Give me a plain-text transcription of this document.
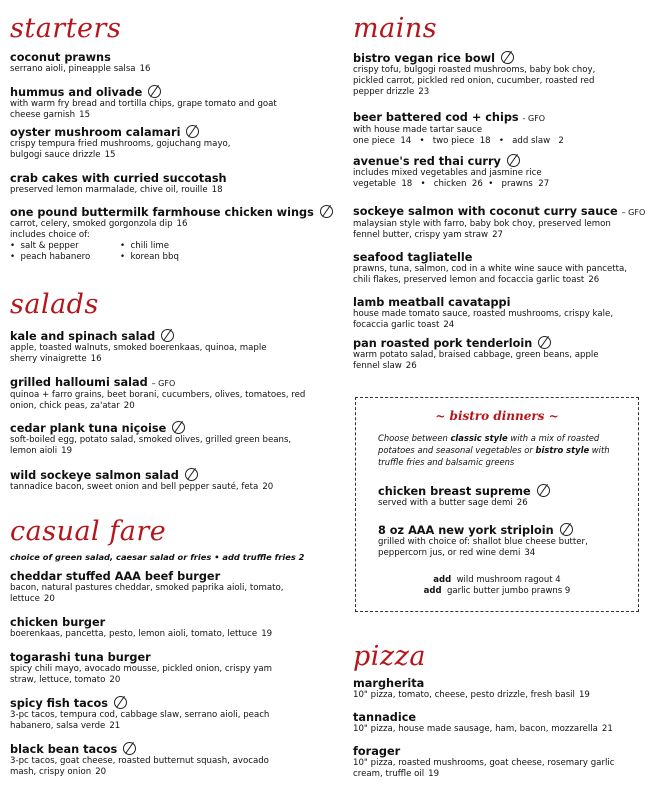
starters
coconut prawns
serrano aioli, pineapple salsa 16
hummus and olivade
with warm fry bread and tortilla chips, grape tomato and goat cheese garnish 15
oyster mushroom calamari
crispy tempura fried mushrooms, gojuchang mayo, bulgogi sauce drizzle 15
crab cakes with curried succotash
preserved lemon marmalade, chive oil, rouille 18
one pound buttermilk farmhouse chicken wings
carrot, celery, smoked gorgonzola dip 16
includes choice of:
•  salt & pepper	•  chili lime
•  peach habanero	•  korean bbq
salads
kale and spinach salad
apple, toasted walnuts, smoked boerenkaas, quinoa, maple sherry vinaigrette 16
grilled halloumi salad – GFO
quinoa + farro grains, beet borani, cucumbers, olives, tomatoes, red onion, chick peas, za'atar 20
cedar plank tuna niçoise
soft-boiled egg, potato salad, smoked olives, grilled green beans, lemon aioli 19
wild sockeye salmon salad
tannadice bacon, sweet onion and bell pepper sauté, feta 20
casual fare
choice of green salad, caesar salad or fries • add truffle fries 2
cheddar stuffed AAA beef burger
bacon, natural pastures cheddar, smoked paprika aioli, tomato, lettuce 20
chicken burger
boerenkaas, pancetta, pesto, lemon aioli, tomato, lettuce 19
togarashi tuna burger
spicy chili mayo, avocado mousse, pickled onion, crispy yam straw, lettuce, tomato 20
spicy fish tacos
3-pc tacos, tempura cod, cabbage slaw, serrano aioli, peach habanero, salsa verde 21
black bean tacos
3-pc tacos, goat cheese, roasted butternut squash, avocado mash, crispy onion 20
mains
bistro vegan rice bowl
crispy tofu, bulgogi roasted mushrooms, baby bok choy, pickled carrot, pickled red onion, cucumber, roasted red pepper drizzle 23
beer battered cod + chips - GFO
with house made tartar sauce
one piece  14   •   two piece  18   •   add slaw   2
avenue's red thai curry
includes mixed vegetables and jasmine rice
vegetable  18   •   chicken  26  •   prawns  27
sockeye salmon with coconut curry sauce – GFO
malaysian style with farro, baby bok choy, preserved lemon fennel butter, crispy yam straw 27
seafood tagliatelle
prawns, tuna, salmon, cod in a white wine sauce with pancetta, chili flakes, preserved lemon and focaccia garlic toast 26
lamb meatball cavatappi
house made tomato sauce, roasted mushrooms, crispy kale, focaccia garlic toast 24
pan roasted pork tenderloin
warm potato salad, braised cabbage, green beans, apple fennel slaw 26
pizza
margherita
10" pizza, tomato, cheese, pesto drizzle, fresh basil 19
tannadice
10" pizza, house made sausage, ham, bacon, mozzarella 21
forager
10" pizza, roasted mushrooms, goat cheese, rosemary garlic cream, truffle oil 19
~ bistro dinners ~
Choose between classic style with a mix of roasted potatoes and seasonal vegetables or bistro style with truffle fries and balsamic greens
chicken breast supreme
served with a butter sage demi 26
8 oz AAA new york striploin
grilled with choice of: shallot blue cheese butter, peppercorn jus, or red wine demi 34
add wild mushroom ragout 4
add garlic butter jumbo prawns 9
